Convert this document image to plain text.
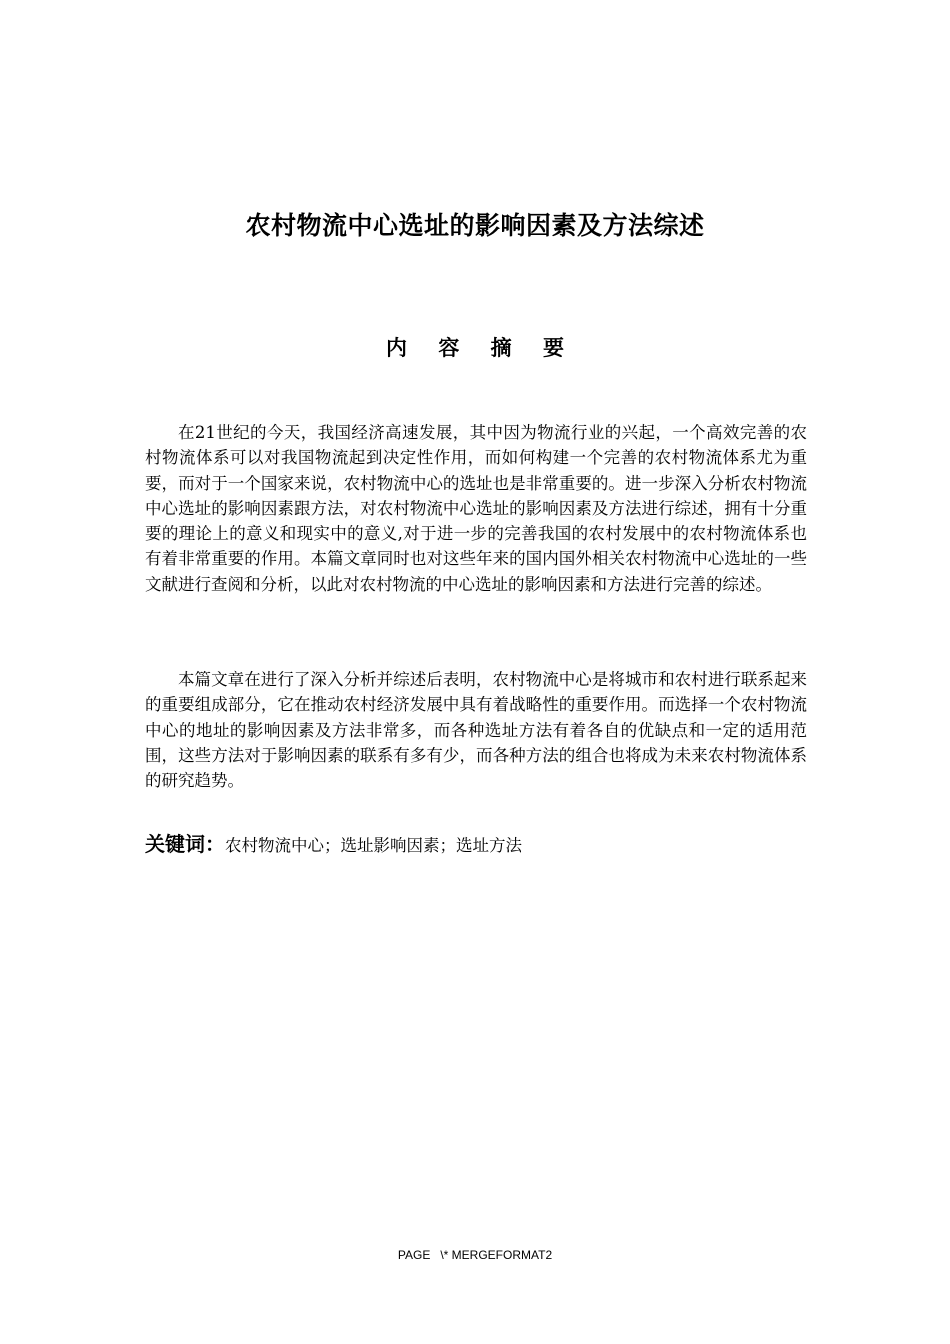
农村物流中心选址的影响因素及方法综述
内 容 摘 要

在21世纪的今天，我国经济高速发展，其中因为物流行业的兴起，一个高效完善的农村物流体系可以对我国物流起到决定性作用，而如何构建一个完善的农村物流体系尤为重要，而对于一个国家来说，农村物流中心的选址也是非常重要的。进一步深入分析农村物流中心选址的影响因素跟方法，对农村物流中心选址的影响因素及方法进行综述，拥有十分重要的理论上的意义和现实中的意义,对于进一步的完善我国的农村发展中的农村物流体系也有着非常重要的作用。本篇文章同时也对这些年来的国内国外相关农村物流中心选址的一些文献进行查阅和分析，以此对农村物流的中心选址的影响因素和方法进行完善的综述。

本篇文章在进行了深入分析并综述后表明，农村物流中心是将城市和农村进行联系起来的重要组成部分，它在推动农村经济发展中具有着战略性的重要作用。而选择一个农村物流中心的地址的影响因素及方法非常多，而各种选址方法有着各自的优缺点和一定的适用范围，这些方法对于影响因素的联系有多有少，而各种方法的组合也将成为未来农村物流体系的研究趋势。

关键词：农村物流中心；选址影响因素；选址方法
PAGE   \* MERGEFORMAT2
